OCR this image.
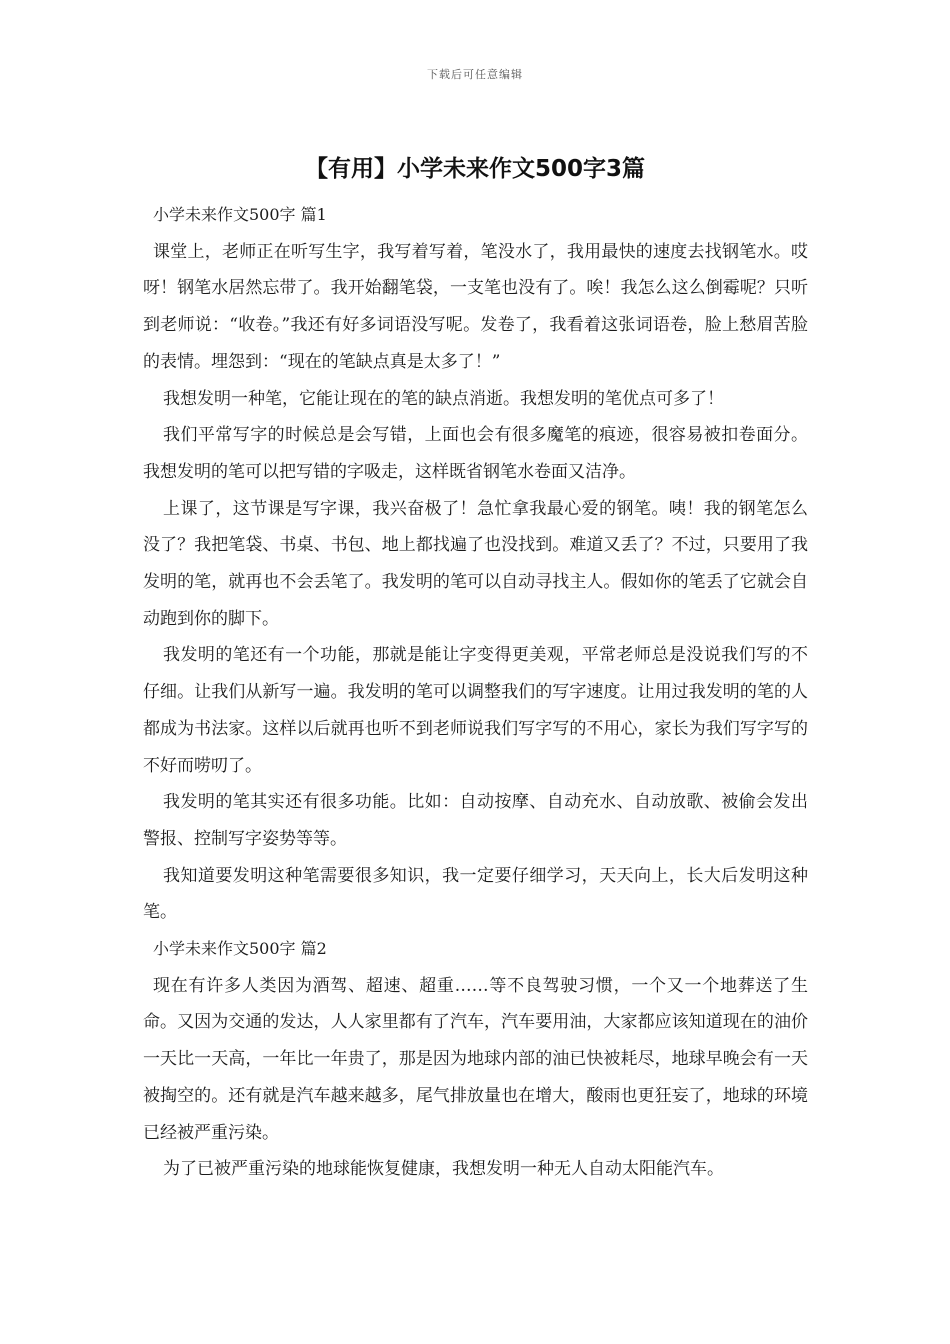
下载后可任意编辑
【有用】小学未来作文500字3篇

小学未来作文500字 篇1

课堂上，老师正在听写生字，我写着写着，笔没水了，我用最快的速度去找钢笔水。哎呀！钢笔水居然忘带了。我开始翻笔袋，一支笔也没有了。唉！我怎么这么倒霉呢？只听到老师说：“收卷。”我还有好多词语没写呢。发卷了，我看着这张词语卷，脸上愁眉苦脸的表情。埋怨到：“现在的笔缺点真是太多了！”

我想发明一种笔，它能让现在的笔的缺点消逝。我想发明的笔优点可多了！

我们平常写字的时候总是会写错，上面也会有很多魔笔的痕迹，很容易被扣卷面分。我想发明的笔可以把写错的字吸走，这样既省钢笔水卷面又洁净。

上课了，这节课是写字课，我兴奋极了！急忙拿我最心爱的钢笔。咦！我的钢笔怎么没了？我把笔袋、书桌、书包、地上都找遍了也没找到。难道又丢了？不过，只要用了我发明的笔，就再也不会丢笔了。我发明的笔可以自动寻找主人。假如你的笔丢了它就会自动跑到你的脚下。

我发明的笔还有一个功能，那就是能让字变得更美观，平常老师总是没说我们写的不仔细。让我们从新写一遍。我发明的笔可以调整我们的写字速度。让用过我发明的笔的人都成为书法家。这样以后就再也听不到老师说我们写字写的不用心，家长为我们写字写的不好而唠叨了。

我发明的笔其实还有很多功能。比如：自动按摩、自动充水、自动放歌、被偷会发出警报、控制写字姿势等等。

我知道要发明这种笔需要很多知识，我一定要仔细学习，天天向上，长大后发明这种笔。

小学未来作文500字 篇2

现在有许多人类因为酒驾、超速、超重……等不良驾驶习惯，一个又一个地葬送了生命。又因为交通的发达，人人家里都有了汽车，汽车要用油，大家都应该知道现在的油价一天比一天高，一年比一年贵了，那是因为地球内部的油已快被耗尽，地球早晚会有一天被掏空的。还有就是汽车越来越多，尾气排放量也在增大，酸雨也更狂妄了，地球的环境已经被严重污染。

为了已被严重污染的地球能恢复健康，我想发明一种无人自动太阳能汽车。
